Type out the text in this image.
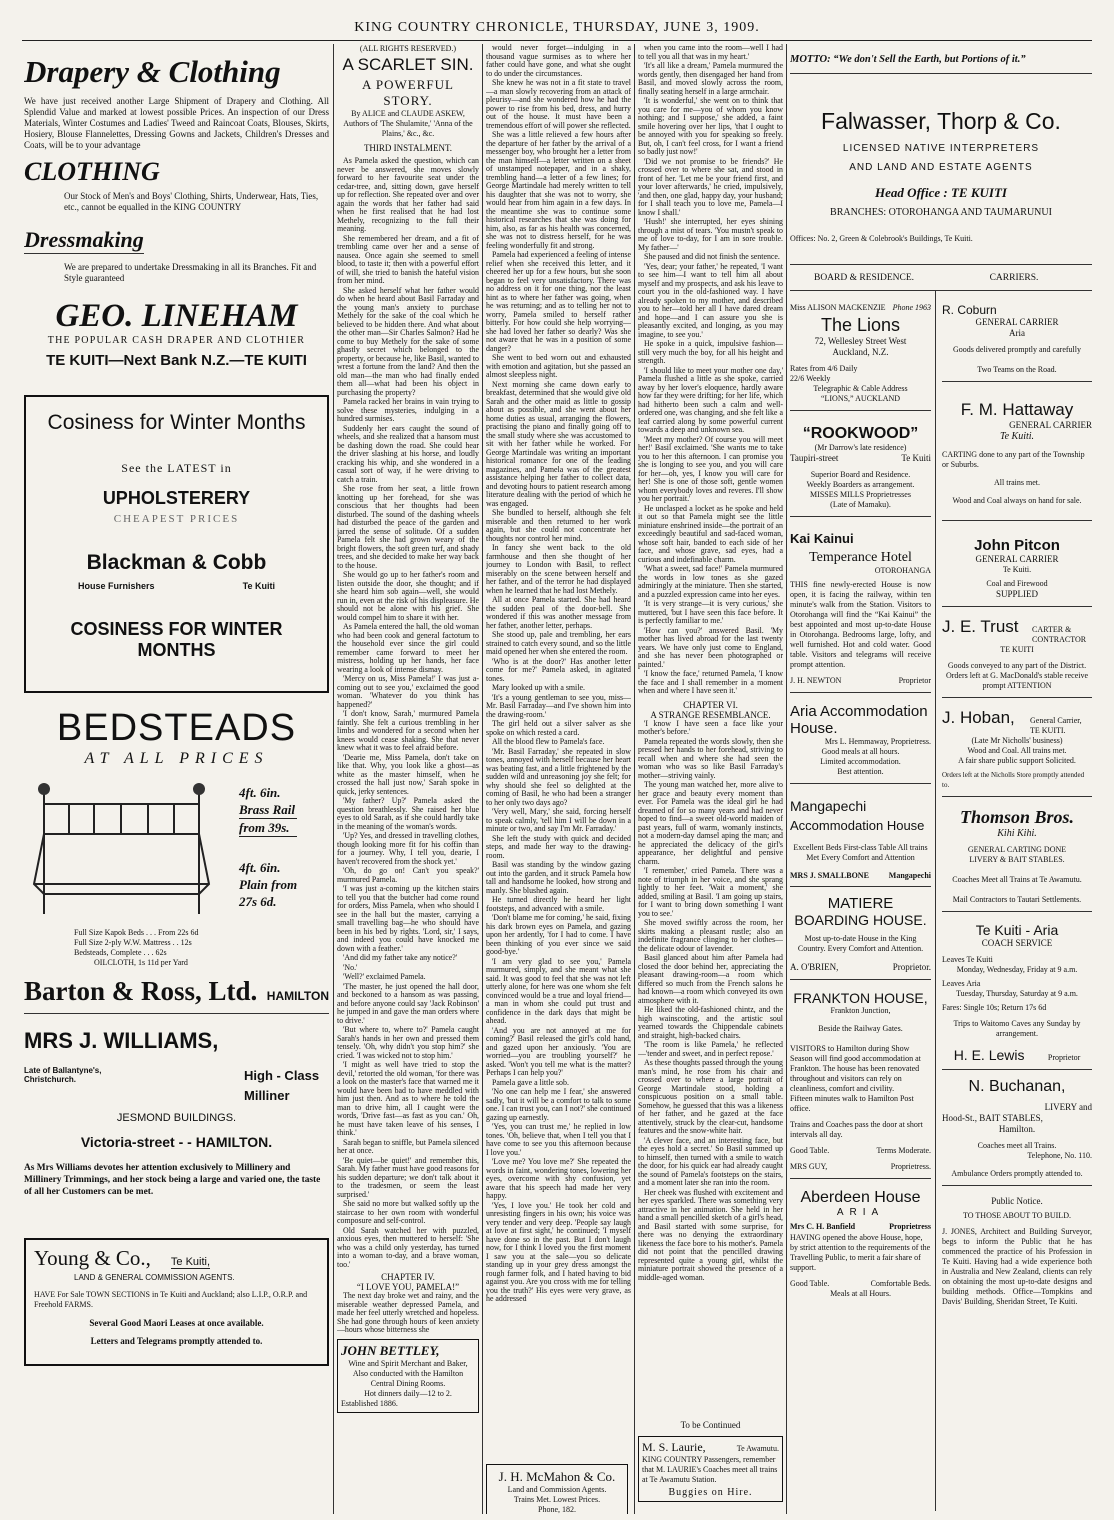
KING COUNTRY CHRONICLE, THURSDAY, JUNE 3, 1909.
Drapery & Clothing
We have just received another Large Shipment of Drapery and Clothing. All Splendid Value and marked at lowest possible Prices. An inspection of our Dress Materials, Winter Costumes and Ladies' Tweed and Raincoat Coats, Blouses, Skirts, Hosiery, Blouse Flannelettes, Dressing Gowns and Jackets, Children's Dresses and Coats, will be to your advantage
CLOTHING
Our Stock of Men's and Boys' Clothing, Shirts, Underwear, Hats, Ties, etc., cannot be equalled in the KING COUNTRY
Dressmaking
We are prepared to undertake Dressmaking in all its Branches. Fit and Style guaranteed
GEO. LINEHAM
THE POPULAR CASH DRAPER AND CLOTHIER
TE KUITI—Next Bank N.Z.—TE KUITI
Cosiness for Winter Months
See the LATEST in
UPHOLSTERERY
CHEAPEST PRICES
Blackman & Cobb
House Furnishers	Te Kuiti
COSINESS FOR WINTER MONTHS
BEDSTEADS
AT ALL PRICES
4ft. 6in.
Brass Rail
from 39s.
4ft. 6in.
Plain from
27s 6d.
Full Size Kapok Beds . . . From 22s 6d
Full Size 2-ply W.W. Mattress . . 12s
Bedsteads, Complete . . . 62s
OILCLOTH, 1s 11d per Yard
Barton & Ross, Ltd. HAMILTON
MRS J. WILLIAMS,
Late of Ballantyne's, Christchurch.	High - Class Milliner
JESMOND BUILDINGS.
Victoria-street - - HAMILTON.
As Mrs Williams devotes her attention exclusively to Millinery and Millinery Trimmings, and her stock being a large and varied one, the taste of all her Customers can be met.
Young & Co., Te Kuiti,
LAND & GENERAL COMMISSION AGENTS.
HAVE For Sale TOWN SECTIONS in Te Kuiti and Auckland; also L.I.P., O.R.P. and Freehold FARMS.
Several Good Maori Leases at once available.
Letters and Telegrams promptly attended to.
(ALL RIGHTS RESERVED.)
A SCARLET SIN.
A POWERFUL STORY.
By ALICE and CLAUDE ASKEW,
Authors of 'The Shulamite,' 'Anna of the Plains,' &c., &c.
THIRD INSTALMENT.

As Pamela asked the question, which can never be answered, she moves slowly forward to her favourite seat under the cedar-tree, and, sitting down, gave herself up for reflection. She repeated over and over again the words that her father had said when he first realised that he had lost Methely, recognizing to the full their meaning.

She remembered her dream, and a fit of trembling came over her and a sense of nausea. Once again she seemed to smell blood, to taste it; then with a powerful effort of will, she tried to banish the hateful vision from her mind.

She asked herself what her father would do when he heard about Basil Farraday and the young man's anxiety to purchase Methely for the sake of the coal which he believed to be hidden there. And what about the other man—Sir Charles Salmon? Had he come to buy Methely for the sake of some ghastly secret which belonged to the property, or because he, like Basil, wanted to wrest a fortune from the land? And then the old man—the man who had finally ended them all—what had been his object in purchasing the property?

Pamela racked her brains in vain trying to solve these mysteries, indulging in a hundred surmises.

Suddenly her ears caught the sound of wheels, and she realized that a hansom must be dashing down the road. She could hear the driver slashing at his horse, and loudly cracking his whip, and she wondered in a casual sort of way, if he were driving to catch a train.

She rose from her seat, a little frown knotting up her forehead, for she was conscious that her thoughts had been disturbed. The sound of the dashing wheels had disturbed the peace of the garden and jarred the sense of solitude. Of a sudden Pamela felt she had grown weary of the bright flowers, the soft green turf, and shady trees, and she decided to make her way back to the house.

She would go up to her father's room and listen outside the door, she thought; and if she heard him sob again—well, she would run in, even at the risk of his displeasure. He should not be alone with his grief. She would compel him to share it with her.

As Pamela entered the hall, the old woman who had been cook and general factotum to the household ever since the girl could remember came forward to meet her mistress, holding up her hands, her face wearing a look of intense dismay.

'Mercy on us, Miss Pamela!' I was just a-coming out to see you,' exclaimed the good woman. 'Whatever do you think has happened?'

'I don't know, Sarah,' murmured Pamela faintly. She felt a curious trembling in her limbs and wondered for a second when her knees would cease shaking. She that never knew what it was to feel afraid before.

'Dearie me, Miss Pamela, don't take on like that. Why, you look like a ghost—as white as the master himself, when he crossed the hall just now,' Sarah spoke in quick, jerky sentences.

'My father? Up?' Pamela asked the question breathlessly. She raised her blue eyes to old Sarah, as if she could hardly take in the meaning of the woman's words.

'Up? Yes, and dressed in travelling clothes, though looking more fit for his coffin than for a journey. Why, I tell you, dearie, I haven't recovered from the shock yet.'

'Oh, do go on! Can't you speak?' murmured Pamela.

'I was just a-coming up the kitchen stairs to tell you that the butcher had come round for orders, Miss Pamela, when who should I see in the hall but the master, carrying a small travelling bag—he who should have been in his bed by rights. 'Lord, sir,' I says, and indeed you could have knocked me down with a feather.'

'And did my father take any notice?'

'No.'

'Well?' exclaimed Pamela.

'The master, he just opened the hall door, and beckoned to a hansom as was passing, and before anyone could say 'Jack Robinson' he jumped in and gave the man orders where to drive.'

'But where to, where to?' Pamela caught Sarah's hands in her own and pressed them tensely. 'Oh, why didn't you stop him?' she cried. 'I was wicked not to stop him.'

'I might as well have tried to stop the devil,' retorted the old woman, 'for there was a look on the master's face that warned me it would have been bad to have meddled with him just then. And as to where he told the man to drive him, all I caught were the words, 'Drive fast—as fast as you can.' Oh, he must have taken leave of his senses, I think.'

Sarah began to sniffle, but Pamela silenced her at once.

'Be quiet—be quiet!' and remember this, Sarah. My father must have good reasons for his sudden departure; we don't talk about it to the tradesmen, or seem the least surprised.'

She said no more but walked softly up the staircase to her own room with wonderful composure and self-control.

Old Sarah watched her with puzzled, anxious eyes, then muttered to herself: 'She who was a child only yesterday, has turned into a woman to-day, and a brave woman, too.'

CHAPTER IV.
“I LOVE YOU, PAMELA!”

The next day broke wet and rainy, and the miserable weather depressed Pamela, and made her feel utterly wretched and hopeless. She had gone through hours of keen anxiety—hours whose bitterness she

JOHN BETTLEY,
Wine and Spirit Merchant and Baker,
Also conducted with the Hamilton Central Dining Rooms.
Hot dinners daily—12 to 2.
Established 1886.

would never forget—indulging in a thousand vague surmises as to where her father could have gone, and what she ought to do under the circumstances.

She knew he was not in a fit state to travel—a man slowly recovering from an attack of pleurisy—and she wondered how he had the power to rise from his bed, dress, and hurry out of the house. It must have been a tremendous effort of will power she reflected.

She was a little relieved a few hours after the departure of her father by the arrival of a messenger boy, who brought her a letter from the man himself—a letter written on a sheet of unstamped notepaper, and in a shaky, trembling hand—a letter of a few lines; for George Martindale had merely written to tell his daughter that she was not to worry, she would hear from him again in a few days. In the meantime she was to continue some historical researches that she was doing for him, also, as far as his health was concerned, she was not to distress herself, for he was feeling wonderfully fit and strong.

Pamela had experienced a feeling of intense relief when she received this letter, and it cheered her up for a few hours, but she soon began to feel very unsatisfactory. There was no address on it for one thing, nor the least hint as to where her father was going, when he was returning; and as to telling her not to worry, Pamela smiled to herself rather bitterly. For how could she help worrying—she had loved her father so dearly? Was she not aware that he was in a position of some danger?

She went to bed worn out and exhausted with emotion and agitation, but she passed an almost sleepless night.

Next morning she came down early to breakfast, determined that she would give old Sarah and the other maid as little to gossip about as possible, and she went about her home duties as usual, arranging the flowers, practising the piano and finally going off to the small study where she was accustomed to sit with her father while he worked. For George Martindale was writing an important historical romance for one of the leading magazines, and Pamela was of the greatest assistance helping her father to collect data, and devoting hours to patient research among literature dealing with the period of which he was engaged.

She bundled to herself, although she felt miserable and then returned to her work again, but she could not concentrate her thoughts nor control her mind.

In fancy she went back to the old farmhouse and then she thought of her journey to London with Basil, to reflect miserably on the scene between herself and her father, and of the terror he had displayed when he learned that he had lost Methely.

All at once Pamela started. She had heard the sudden peal of the door-bell. She wondered if this was another message from her father, another letter, perhaps.

She stood up, pale and trembling, her ears strained to catch every sound, and so the little maid opened her when she entered the room.

'Who is at the door?' Has another letter come for me?' Pamela asked, in agitated tones.

Mary looked up with a smile.

'It's a young gentleman to see you, miss—Mr. Basil Farraday—and I've shown him into the drawing-room.'

The girl held out a silver salver as she spoke on which rested a card.

All the blood flew to Pamela's face.

'Mr. Basil Farraday,' she repeated in slow tones, annoyed with herself because her heart was beating fast, and a little frightened by the sudden wild and unreasoning joy she felt; for why should she feel so delighted at the coming of Basil, he who had been a stranger to her only two days ago?

'Very well, Mary,' she said, forcing herself to speak calmly, 'tell him I will be down in a minute or two, and say I'm Mr. Farraday.'

She left the study with quick and decided steps, and made her way to the drawing-room.

Basil was standing by the window gazing out into the garden, and it struck Pamela how tall and handsome he looked, how strong and manly. She blushed again.

He turned directly he heard her light footsteps, and advanced with a smile.

'Don't blame me for coming,' he said, fixing his dark brown eyes on Pamela, and gazing upon her ardently, 'for I had to come. I have been thinking of you ever since we said good-bye.'

'I am very glad to see you,' Pamela murmured, simply, and she meant what she said. It was good to feel that she was not left utterly alone, for here was one whom she felt convinced would be a true and loyal friend—a man in whom she could put trust and confidence in the dark days that might be ahead.

'And you are not annoyed at me for coming?' Basil released the girl's cold hand, and gazed upon her anxiously. 'You are worried—you are troubling yourself?' he asked. 'Won't you tell me what is the matter? Perhaps I can help you?'

Pamela gave a little sob.

'No one can help me I fear,' she answered sadly, 'but it will be a comfort to talk to some one. I can trust you, can I not?' she continued gazing up earnestly.

'Yes, you can trust me,' he replied in low tones. 'Oh, believe that, when I tell you that I have come to see you this afternoon because I love you.'

'Love me? You love me?' She repeated the words in faint, wondering tones, lowering her eyes, overcome with shy confusion, yet aware that his speech had made her very happy.

'Yes, I love you.' He took her cold and unresisting fingers in his own; his voice was very tender and very deep. 'People say laugh at love at first sight,' he continued; 'I myself have done so in the past. But I don't laugh now, for I think I loved you the first moment I saw you at the sale—you so delicate standing up in your grey dress amongst the rough farmer folk, and I hated having to bid against you. Are you cross with me for telling you the truth?' His eyes were very grave, as he addressed

J. H. McMahon & Co.
Land and Commission Agents.
Trains Met. Lowest Prices.
Phone, 182.

when you came into the room—well I had to tell you all that was in my heart.'

'It's all like a dream,' Pamela murmured the words gently, then disengaged her hand from Basil, and moved slowly across the room, finally seating herself in a large armchair.

'It is wonderful,' she went on to think that you care for me—you of whom you know nothing; and I suppose,' she added, a faint smile hovering over her lips, 'that I ought to be annoyed with you for speaking so freely. But, oh, I can't feel cross, for I want a friend so badly just now!'

'Did we not promise to be friends?' He crossed over to where she sat, and stood in front of her. 'Let me be your friend first, and your lover afterwards,' he cried, impulsively, 'and then, one glad, happy day, your husband; for I shall teach you to love me, Pamela—I know I shall.'

'Hush!' she interrupted, her eyes shining through a mist of tears. 'You mustn't speak to me of love to-day, for I am in sore trouble. My father—'

She paused and did not finish the sentence.

'Yes, dear; your father,' he repeated, 'I want to see him—I want to tell him all about myself and my prospects, and ask his leave to court you in the old-fashioned way. I have already spoken to my mother, and described you to her—told her all I have dared dream and hope—and I can assure you she is pleasantly excited, and longing, as you may imagine, to see you.'

He spoke in a quick, impulsive fashion—still very much the boy, for all his height and strength.

'I should like to meet your mother one day,' Pamela flushed a little as she spoke, carried away by her lover's eloquence, hardly aware how far they were drifting; for her life, which had hitherto been such a calm and well-ordered one, was changing, and she felt like a leaf carried along by some powerful current towards a deep and unknown sea.

'Meet my mother? Of course you will meet her!' Basil exclaimed. 'She wants me to take you to her this afternoon. I can promise you she is longing to see you, and you will care for her—oh, yes, I know you will care for her! She is one of those soft, gentle women whom everybody loves and reveres. I'll show you her portrait.'

He unclasped a locket as he spoke and held it out so that Pamela might see the little miniature enshrined inside—the portrait of an exceedingly beautiful and sad-faced woman, whose soft hair, banded to each side of her face, and whose grave, sad eyes, had a curious and indefinable charm.

'What a sweet, sad face!' Pamela murmured the words in low tones as she gazed admiringly at the miniature. Then she started, and a puzzled expression came into her eyes.

'It is very strange—it is very curious,' she muttered, 'but I have seen this face before. It is perfectly familiar to me.'

'How can you?' answered Basil. 'My mother has lived abroad for the last twenty years. We have only just come to England, and she has never been photographed or painted.'

'I know the face,' returned Pamela, 'I know the face and I shall remember in a moment when and where I have seen it.'

CHAPTER VI.
A STRANGE RESEMBLANCE.

'I know I have seen a face like your mother's before.'

Pamela repeated the words slowly, then she pressed her hands to her forehead, striving to recall when and where she had seen the woman who was so like Basil Farraday's mother—striving vainly.

The young man watched her, more alive to her grace and beauty every moment than ever. For Pamela was the ideal girl he had dreamed of for so many years and had never hoped to find—a sweet old-world maiden of past years, full of warm, womanly instincts, not a modern-day damsel aping the man; and he appreciated the delicacy of the girl's appearance, her delightful and pensive charm.

'I remember,' cried Pamela. There was a note of triumph in her voice, and she sprang lightly to her feet. 'Wait a moment,' she added, smiling at Basil. 'I am going up stairs, for I want to bring down something I want you to see.'

She moved swiftly across the room, her skirts making a pleasant rustle; also an indefinite fragrance clinging to her clothes—the delicate odour of lavender.

Basil glanced about him after Pamela had closed the door behind her, appreciating the pleasant drawing-room—a room which differed so much from the French salons he had known—a room which conveyed its own atmosphere with it.

He liked the old-fashioned chintz, and the high wainscoting, and the artistic soul yearned towards the Chippendale cabinets and straight, high-backed chairs.

'The room is like Pamela,' he reflected—'tender and sweet, and in perfect repose.'

As these thoughts passed through the young man's mind, he rose from his chair and crossed over to where a large portrait of George Martindale stood, holding a conspicuous position on a small table. Somehow, he guessed that this was a likeness of her father, and he gazed at the face attentively, struck by the clear-cut, handsome features and the snow-white hair.

'A clever face, and an interesting face, but the eyes hold a secret.' So Basil summed up to himself, then turned with a smile to watch the door, for his quick ear had already caught the sound of Pamela's footsteps on the stairs, and a moment later she ran into the room.

Her cheek was flushed with excitement and her eyes sparkled. There was something very attractive in her animation. She held in her hand a small pencilled sketch of a girl's head, and Basil started with some surprise, for there was no denying the extraordinary likeness the face bore to his mother's. Pamela did not point that the pencilled drawing represented quite a young girl, whilst the miniature portrait showed the presence of a middle-aged woman.

To be Continued
M. S. Laurie,	Te Awamutu.
KING COUNTRY Passengers, remember that M. LAURIE's Coaches meet all trains at Te Awamutu Station.
Buggies on Hire.
MOTTO: “We don't Sell the Earth, but Portions of it.”
Falwasser, Thorp & Co.
LICENSED NATIVE INTERPRETERS
AND LAND AND ESTATE AGENTS
Head Office : TE KUITI
BRANCHES: OTOROHANGA AND TAUMARUNUI
Offices: No. 2, Green & Colebrook's Buildings, Te Kuiti.
BOARD & RESIDENCE.	CARRIERS.
Miss ALISON MACKENZIE Phone 1963
The Lions
72, Wellesley Street West
Auckland, N.Z.
Rates from 4/6 Daily
22/6 Weekly
Telegraphic & Cable Address
“LIONS,” AUCKLAND
“ROOKWOOD”
(Mr Darrow's late residence)
Taupiri-street	Te Kuiti
Superior Board and Residence.
Weekly Boarders as arrangement.
MISSES MILLS Proprietresses
(Late of Mamaku).
Kai Kainui
Temperance Hotel
OTOROHANGA
THIS fine newly-erected House is now open, it is facing the railway, within ten minute's walk from the Station. Visitors to Otorohanga will find the “Kai Kainui” the best appointed and most up-to-date House in Otorohanga. Bedrooms large, lofty, and well furnished. Hot and cold water. Good table. Visitors and telegrams will receive prompt attention.
J. H. NEWTON	Proprietor
Aria Accommodation House.
Mrs L. Hemmaway, Proprietress.
Good meals at all hours.
Limited accommodation.
Best attention.
Mangapechi
Accommodation House
Excellent Beds First-class Table All trains Met Every Comfort and Attention
MRS J. SMALLBONE Mangapechi
MATIERE
BOARDING HOUSE.
Most up-to-date House in the King Country. Every Comfort and Attention.
A. O'BRIEN,	Proprietor.
FRANKTON HOUSE,
Frankton Junction,
Beside the Railway Gates.
VISITORS to Hamilton during Show Season will find good accommodation at Frankton. The house has been renovated throughout and visitors can rely on cleanliness, comfort and civility.
Fifteen minutes walk to Hamilton Post office.
Trains and Coaches pass the door at short intervals all day.
Good Table.	Terms Moderate.
MRS GUY,	Proprietress.
Aberdeen House
ARIA
Mrs C. H. Banfield	Proprietress
HAVING opened the above House, hope, by strict attention to the requirements of the Travelling Public, to merit a fair share of support.
Good Table.	Comfortable Beds.
Meals at all Hours.
R. Coburn
GENERAL CARRIER
Aria
Goods delivered promptly and carefully
Two Teams on the Road.
F. M. Hattaway
GENERAL CARRIER
Te Kuiti.
CARTING done to any part of the Township or Suburbs.
All trains met.
Wood and Coal always on hand for sale.
John Pitcon
GENERAL CARRIER
Te Kuiti.
Coal and Firewood
SUPPLIED
J. E. Trust CARTER & CONTRACTOR
TE KUITI
Goods conveyed to any part of the District. Orders left at G. MacDonald's stable receive prompt ATTENTION
J. Hoban, General Carrier, TE KUITI.
(Late Mr Nicholls' business)
Wood and Coal. All trains met.
A fair share public support Solicited.
Orders left at the Nicholls Store promptly attended to.
Thomson Bros.
Kihi Kihi.
GENERAL CARTING DONE
LIVERY & BAIT STABLES.
Coaches Meet all Trains at Te Awamutu.
Mail Contractors to Tautari Settlements.
Te Kuiti - Aria
COACH SERVICE
Leaves Te Kuiti
Monday, Wednesday, Friday at 9 a.m.
Leaves Aria
Tuesday, Thursday, Saturday at 9 a.m.
Fares: Single 10s; Return 17s 6d
Trips to Waitomo Caves any Sunday by arrangement.
H. E. Lewis	Proprietor
N. Buchanan,
LIVERY and
Hood-St., BAIT STABLES,
Hamilton.
Coaches meet all Trains.
Telephone, No. 110.
Ambulance Orders promptly attended to.
Public Notice.
TO THOSE ABOUT TO BUILD.
J. JONES, Architect and Building Surveyor, begs to inform the Public that he has commenced the practice of his Profession in Te Kuiti. Having had a wide experience both in Australia and New Zealand, clients can rely on obtaining the most up-to-date designs and building methods. Office—Tompkins and Davis' Building, Sheridan Street, Te Kuiti.
